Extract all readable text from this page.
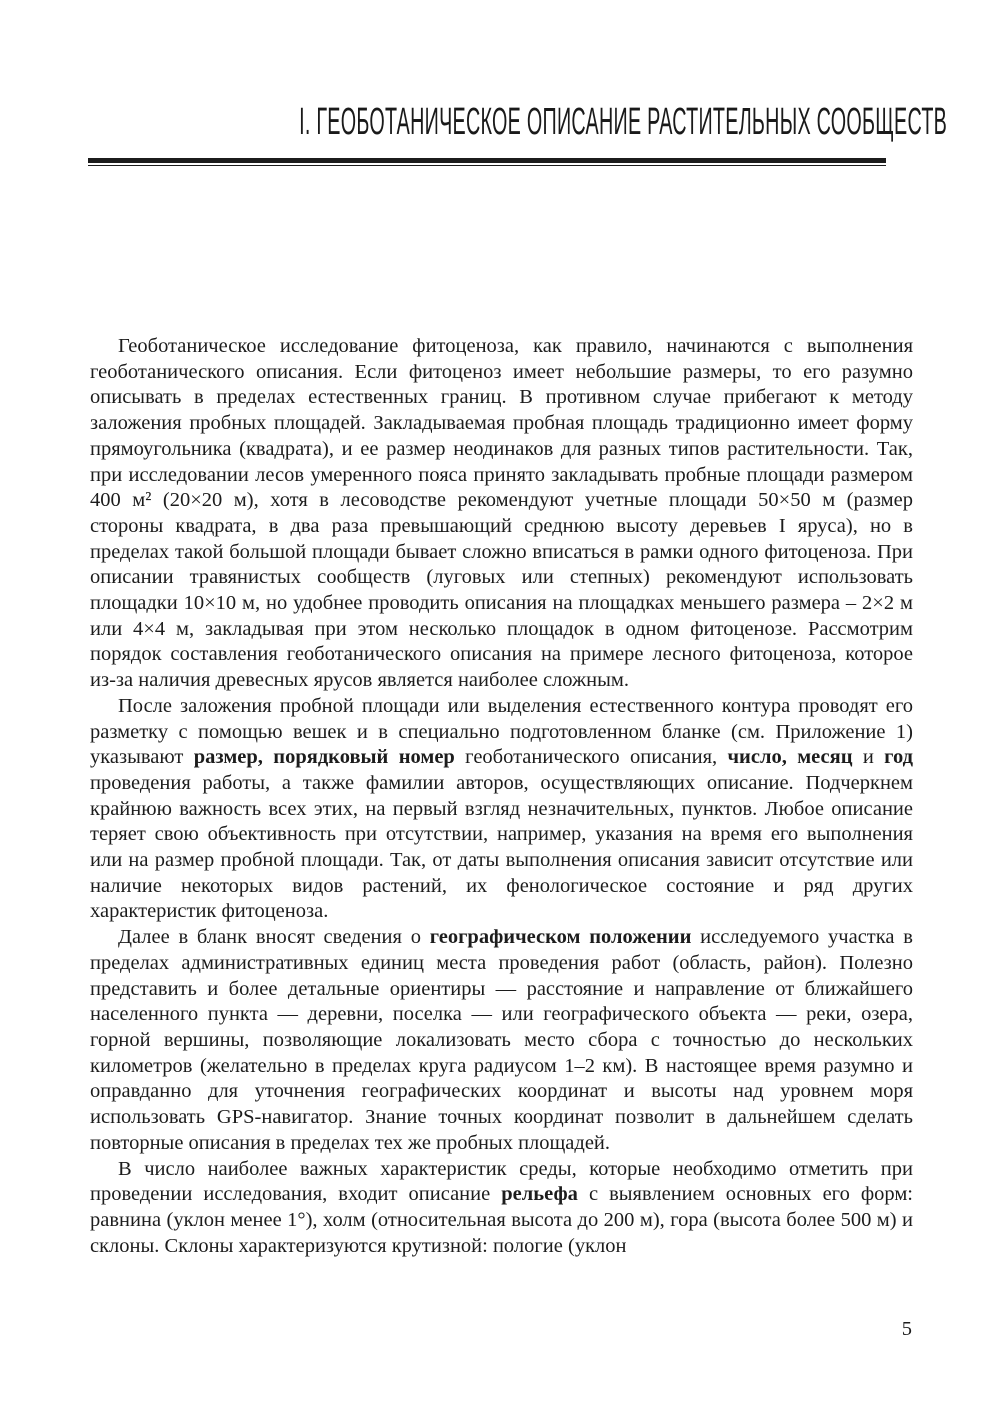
I. ГЕОБОТАНИЧЕСКОЕ ОПИСАНИЕ РАСТИТЕЛЬНЫХ СООБЩЕСТВ

Геоботаническое исследование фитоценоза, как правило, начинаются с выполнения геоботанического описания. Если фитоценоз имеет небольшие размеры, то его разумно описывать в пределах естественных границ. В противном случае прибегают к методу заложения пробных площадей. Закладываемая пробная площадь традиционно имеет форму прямоугольника (квадрата), и ее размер неодинаков для разных типов растительности. Так, при исследовании лесов умеренного пояса принято закладывать пробные площади размером 400 м² (20×20 м), хотя в лесоводстве рекомендуют учетные площади 50×50 м (размер стороны квадрата, в два раза превышающий среднюю высоту деревьев I яруса), но в пределах такой большой площади бывает сложно вписаться в рамки одного фитоценоза. При описании травянистых сообществ (луговых или степных) рекомендуют использовать площадки 10×10 м, но удобнее проводить описания на площадках меньшего размера – 2×2 м или 4×4 м, закладывая при этом несколько площадок в одном фитоценозе. Рассмотрим порядок составления геоботанического описания на примере лесного фитоценоза, которое из-за наличия древесных ярусов является наиболее сложным.

После заложения пробной площади или выделения естественного контура проводят его разметку с помощью вешек и в специально подготовленном бланке (см. Приложение 1) указывают размер, порядковый номер геоботанического описания, число, месяц и год проведения работы, а также фамилии авторов, осуществляющих описание. Подчеркнем крайнюю важность всех этих, на первый взгляд незначительных, пунктов. Любое описание теряет свою объективность при отсутствии, например, указания на время его выполнения или на размер пробной площади. Так, от даты выполнения описания зависит отсутствие или наличие некоторых видов растений, их фенологическое состояние и ряд других характеристик фитоценоза.

Далее в бланк вносят сведения о географическом положении исследуемого участка в пределах административных единиц места проведения работ (область, район). Полезно представить и более детальные ориентиры — расстояние и направление от ближайшего населенного пункта — деревни, поселка — или географического объекта — реки, озера, горной вершины, позволяющие локализовать место сбора с точностью до нескольких километров (желательно в пределах круга радиусом 1–2 км). В настоящее время разумно и оправданно для уточнения географических координат и высоты над уровнем моря использовать GPS-навигатор. Знание точных координат позволит в дальнейшем сделать повторные описания в пределах тех же пробных площадей.

В число наиболее важных характеристик среды, которые необходимо отметить при проведении исследования, входит описание рельефа с выявлением основных его форм: равнина (уклон менее 1°), холм (относительная высота до 200 м), гора (высота более 500 м) и склоны. Склоны характеризуются крутизной: пологие (уклон

5
